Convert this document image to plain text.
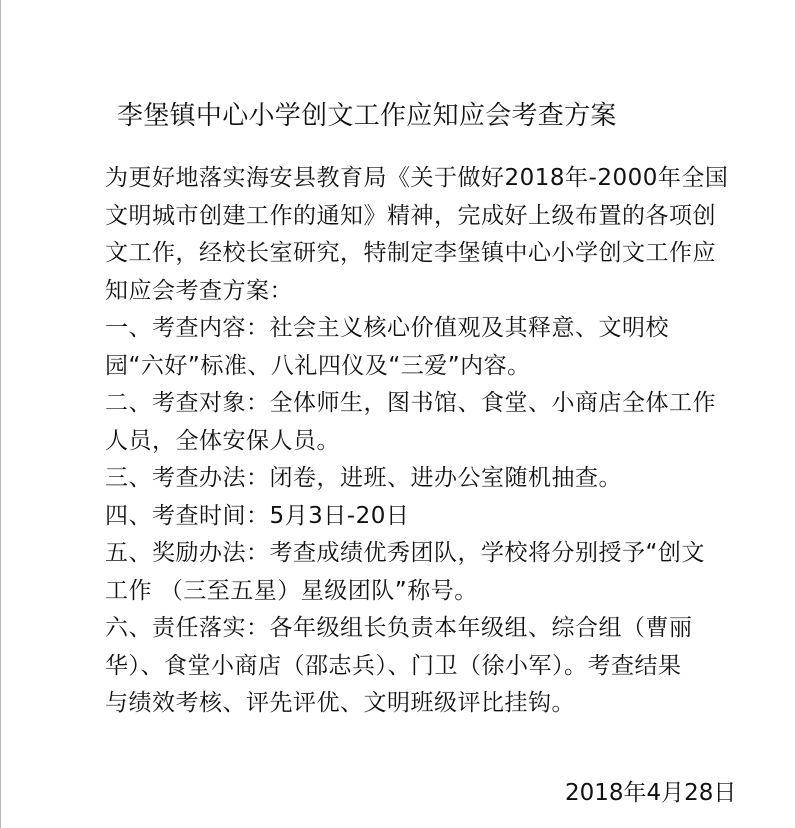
李堡镇中心小学创文工作应知应会考查方案
为更好地落实海安县教育局《关于做好2018年-2000年全国
文明城市创建工作的通知》精神，完成好上级布置的各项创
文工作，经校长室研究，特制定李堡镇中心小学创文工作应
知应会考查方案：
一、考查内容：社会主义核心价值观及其释意、文明校
园“六好”标准、八礼四仪及“三爱”内容。
二、考查对象：全体师生，图书馆、食堂、小商店全体工作
人员，全体安保人员。
三、考查办法：闭卷，进班、进办公室随机抽查。
四、考查时间：5月3日-20日
五、奖励办法：考查成绩优秀团队，学校将分别授予“创文
工作 （三至五星）星级团队”称号。
六、责任落实：各年级组长负责本年级组、综合组（曹丽
华）、食堂小商店（邵志兵）、门卫（徐小军）。考查结果
与绩效考核、评先评优、文明班级评比挂钩。
2018年4月28日
